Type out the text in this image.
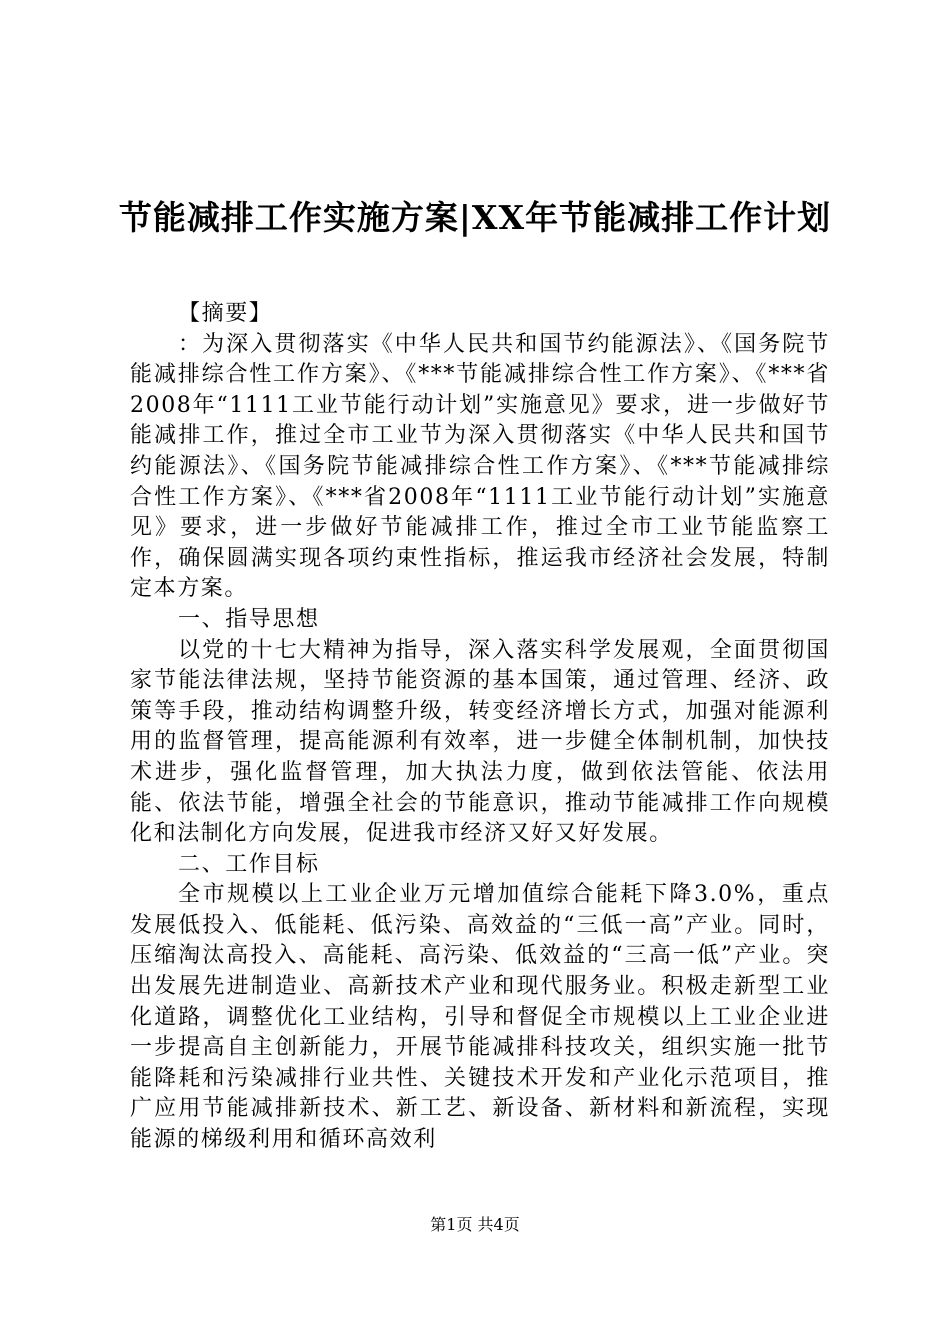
节能减排工作实施方案|XX年节能减排工作计划

【摘要】

：为深入贯彻落实《中华人民共和国节约能源法》、《国务院节能减排综合性工作方案》、《***节能减排综合性工作方案》、《***省2008年“1111工业节能行动计划”实施意见》要求，进一步做好节能减排工作，推过全市工业节为深入贯彻落实《中华人民共和国节约能源法》、《国务院节能减排综合性工作方案》、《***节能减排综合性工作方案》、《***省2008年“1111工业节能行动计划”实施意见》要求，进一步做好节能减排工作，推过全市工业节能监察工作，确保圆满实现各项约束性指标，推运我市经济社会发展，特制定本方案。

一、指导思想

以党的十七大精神为指导，深入落实科学发展观，全面贯彻国家节能法律法规，坚持节能资源的基本国策，通过管理、经济、政策等手段，推动结构调整升级，转变经济增长方式，加强对能源利用的监督管理，提高能源利有效率，进一步健全体制机制，加快技术进步，强化监督管理，加大执法力度，做到依法管能、依法用能、依法节能，增强全社会的节能意识，推动节能减排工作向规模化和法制化方向发展，促进我市经济又好又好发展。

二、工作目标

全市规模以上工业企业万元增加值综合能耗下降3.0%，重点发展低投入、低能耗、低污染、高效益的“三低一高”产业。同时，压缩淘汰高投入、高能耗、高污染、低效益的“三高一低”产业。突出发展先进制造业、高新技术产业和现代服务业。积极走新型工业化道路，调整优化工业结构，引导和督促全市规模以上工业企业进一步提高自主创新能力，开展节能减排科技攻关，组织实施一批节能降耗和污染减排行业共性、关键技术开发和产业化示范项目，推广应用节能减排新技术、新工艺、新设备、新材料和新流程，实现能源的梯级利用和循环高效利

第1页 共4页
